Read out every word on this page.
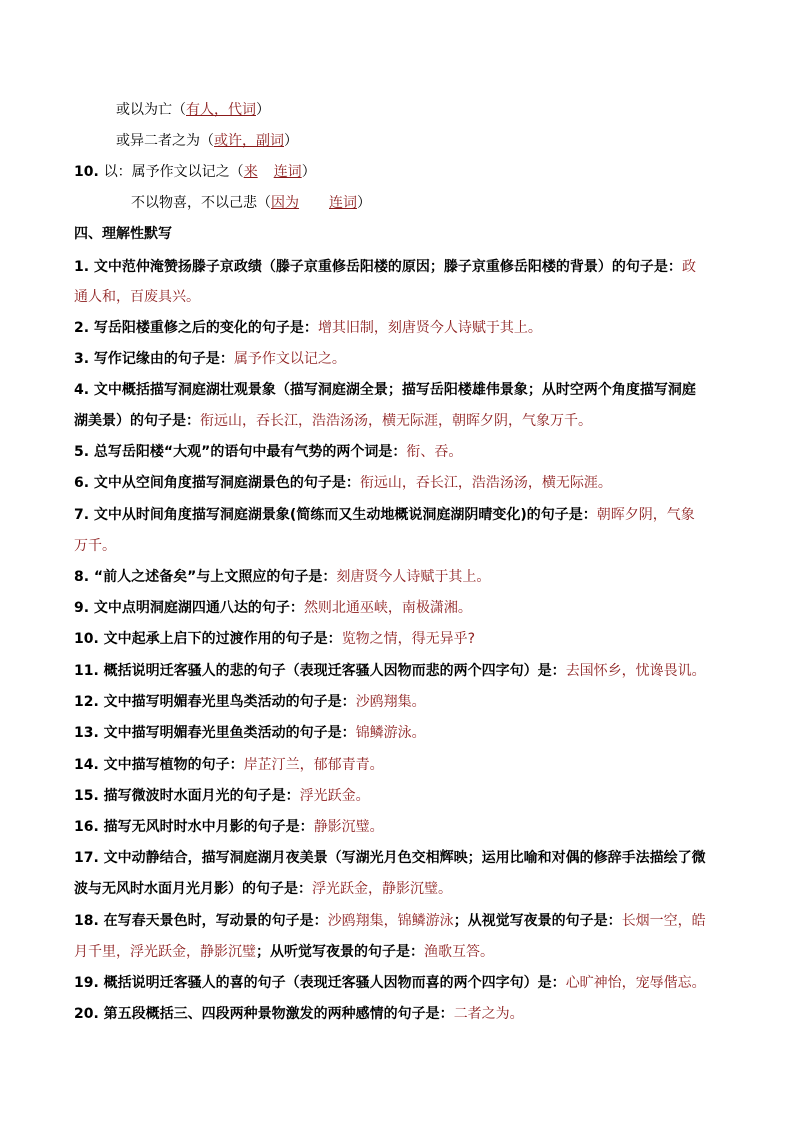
或以为亡（有人，代词）
或异二者之为（或许，副词）
10. 以：属予作文以记之（来 连词）
不以物喜，不以己悲（因为 连词）
四、理解性默写
1. 文中范仲淹赞扬滕子京政绩（滕子京重修岳阳楼的原因；滕子京重修岳阳楼的背景）的句子是：政
通人和，百废具兴。
2. 写岳阳楼重修之后的变化的句子是：增其旧制，刻唐贤今人诗赋于其上。
3. 写作记缘由的句子是：属予作文以记之。
4. 文中概括描写洞庭湖壮观景象（描写洞庭湖全景；描写岳阳楼雄伟景象；从时空两个角度描写洞庭
湖美景）的句子是：衔远山，吞长江，浩浩汤汤，横无际涯，朝晖夕阴，气象万千。
5. 总写岳阳楼“大观”的语句中最有气势的两个词是：衔、吞。
6. 文中从空间角度描写洞庭湖景色的句子是：衔远山，吞长江，浩浩汤汤，横无际涯。
7. 文中从时间角度描写洞庭湖景象(简练而又生动地概说洞庭湖阴晴变化)的句子是：朝晖夕阴，气象
万千。
8. “前人之述备矣”与上文照应的句子是：刻唐贤今人诗赋于其上。
9. 文中点明洞庭湖四通八达的句子：然则北通巫峡，南极潇湘。
10. 文中起承上启下的过渡作用的句子是：览物之情，得无异乎?
11. 概括说明迁客骚人的悲的句子（表现迁客骚人因物而悲的两个四字句）是：去国怀乡，忧谗畏讥。
12. 文中描写明媚春光里鸟类活动的句子是：沙鸥翔集。
13. 文中描写明媚春光里鱼类活动的句子是：锦鳞游泳。
14. 文中描写植物的句子：岸芷汀兰，郁郁青青。
15. 描写微波时水面月光的句子是：浮光跃金。
16. 描写无风时时水中月影的句子是：静影沉璧。
17. 文中动静结合，描写洞庭湖月夜美景（写湖光月色交相辉映；运用比喻和对偶的修辞手法描绘了微
波与无风时水面月光月影）的句子是：浮光跃金，静影沉璧。
18. 在写春天景色时，写动景的句子是：沙鸥翔集，锦鳞游泳；从视觉写夜景的句子是：长烟一空，皓
月千里，浮光跃金，静影沉璧；从听觉写夜景的句子是：渔歌互答。
19. 概括说明迁客骚人的喜的句子（表现迁客骚人因物而喜的两个四字句）是：心旷神怡，宠辱偕忘。
20. 第五段概括三、四段两种景物激发的两种感情的句子是：二者之为。
